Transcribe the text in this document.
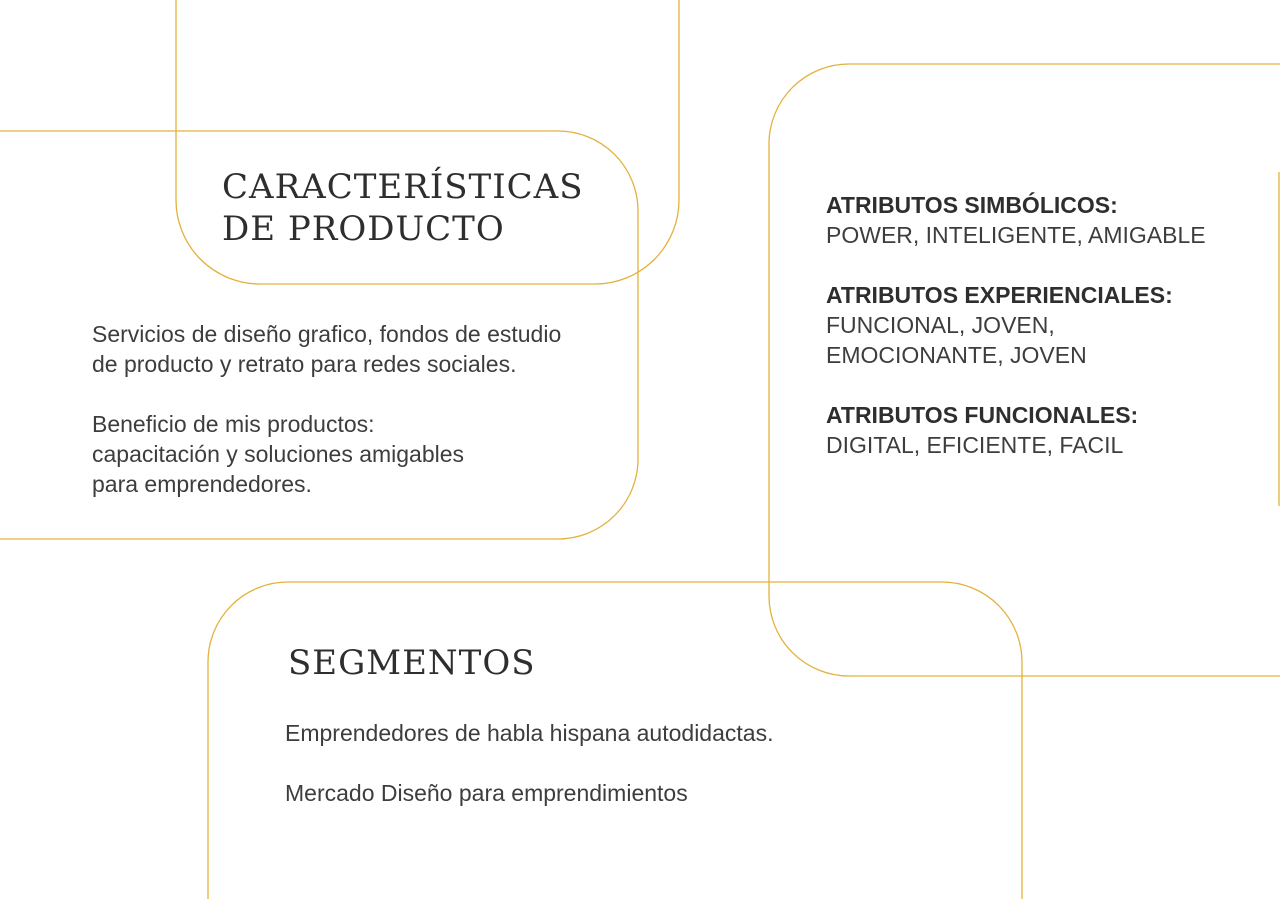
CARACTERÍSTICAS
DE PRODUCTO
Servicios de diseño grafico, fondos de estudio
de producto y retrato para redes sociales.
Beneficio de mis productos:
capacitación y soluciones amigables
para emprendedores.
ATRIBUTOS SIMBÓLICOS:
POWER, INTELIGENTE, AMIGABLE
ATRIBUTOS EXPERIENCIALES:
FUNCIONAL, JOVEN,
EMOCIONANTE, JOVEN
ATRIBUTOS FUNCIONALES:
DIGITAL, EFICIENTE, FACIL
SEGMENTOS
Emprendedores de habla hispana autodidactas.
Mercado Diseño para emprendimientos
